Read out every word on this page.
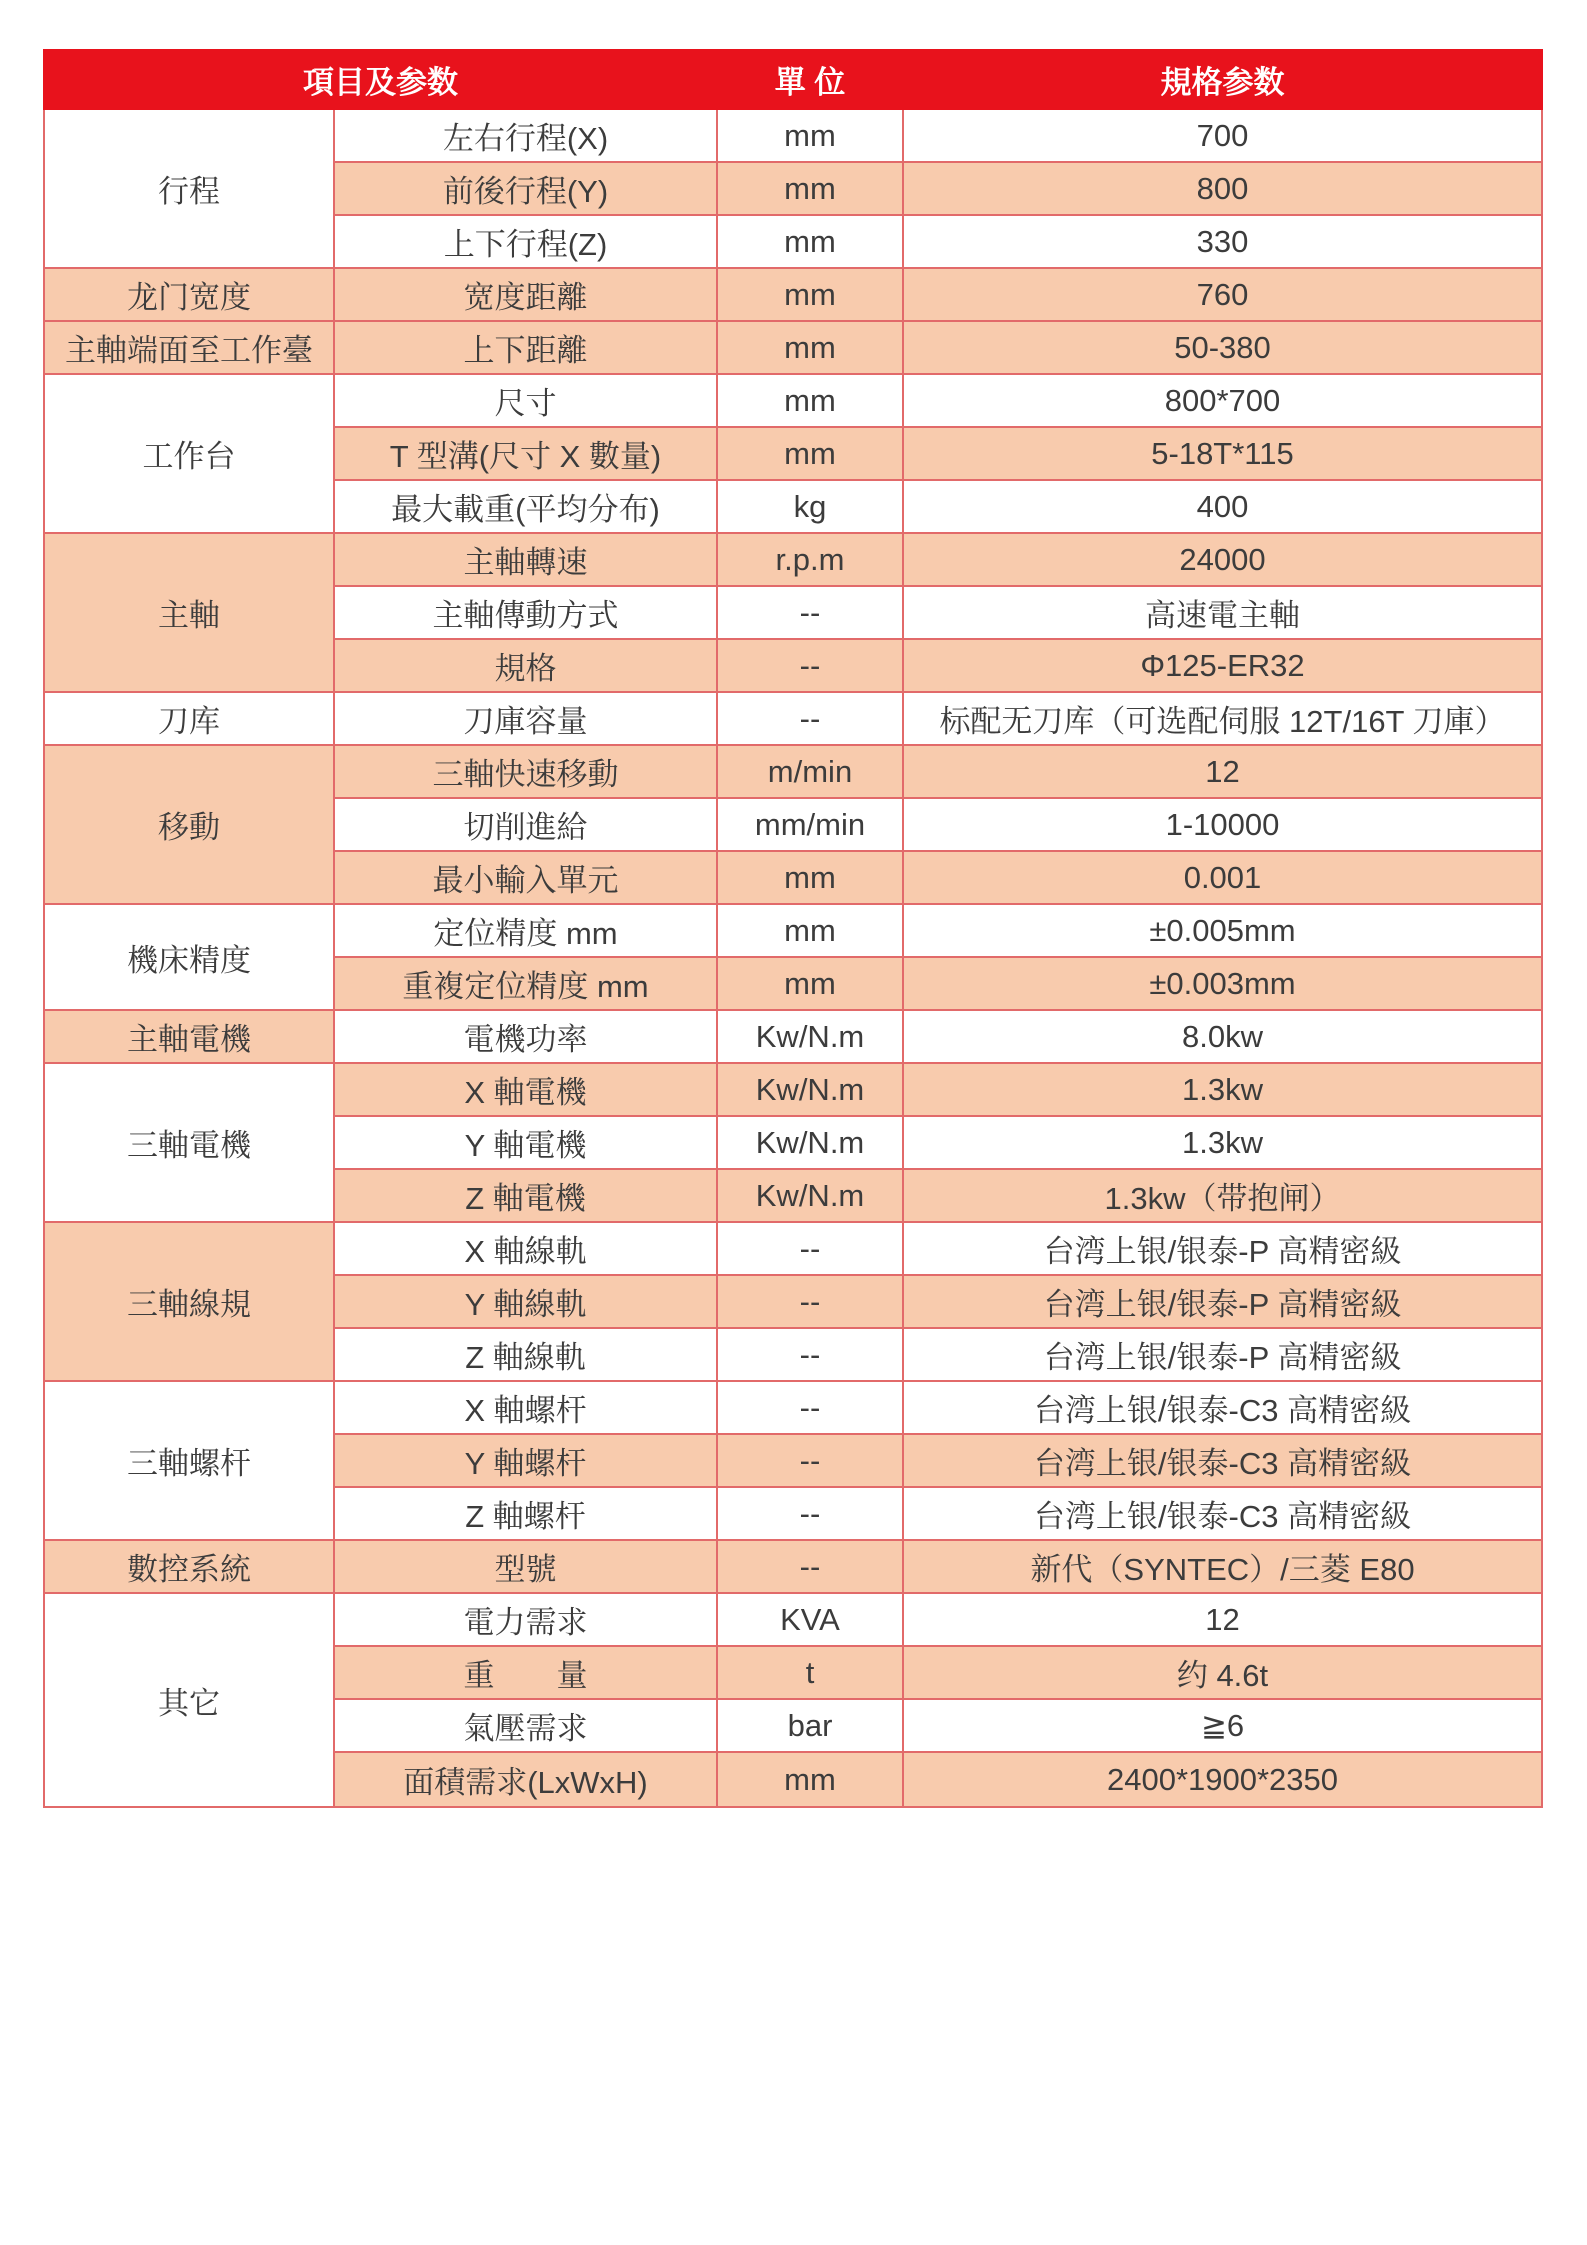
項目及参数		單 位	規格参数
行程	左右行程(X)	mm	700
	前後行程(Y)	mm	800
	上下行程(Z)	mm	330
龙门宽度	宽度距離	mm	760
主軸端面至工作臺	上下距離	mm	50-380
工作台	尺寸	mm	800*700
	T 型溝(尺寸 X 數量)	mm	5-18T*115
	最大載重(平均分布)	kg	400
主軸	主軸轉速	r.p.m	24000
	主軸傳動方式	--	高速電主軸
	規格	--	Φ125-ER32
刀库	刀庫容量	--	标配无刀库（可选配伺服 12T/16T 刀庫）
移動	三軸快速移動	m/min	12
	切削進給	mm/min	1-10000
	最小輸入單元	mm	0.001
機床精度	定位精度 mm	mm	±0.005mm
	重複定位精度 mm	mm	±0.003mm
主軸電機	電機功率	Kw/N.m	8.0kw
三軸電機	X 軸電機	Kw/N.m	1.3kw
	Y 軸電機	Kw/N.m	1.3kw
	Z 軸電機	Kw/N.m	1.3kw（带抱闸）
三軸線規	X 軸線軌	--	台湾上银/银泰-P 高精密級
	Y 軸線軌	--	台湾上银/银泰-P 高精密級
	Z 軸線軌	--	台湾上银/银泰-P 高精密級
三軸螺杆	X 軸螺杆	--	台湾上银/银泰-C3 高精密級
	Y 軸螺杆	--	台湾上银/银泰-C3 高精密級
	Z 軸螺杆	--	台湾上银/银泰-C3 高精密級
數控系統	型號	--	新代（SYNTEC）/三菱 E80
其它	電力需求	KVA	12
	重　　量	t	约 4.6t
	氣壓需求	bar	≧6
	面積需求(LxWxH)	mm	2400*1900*2350
